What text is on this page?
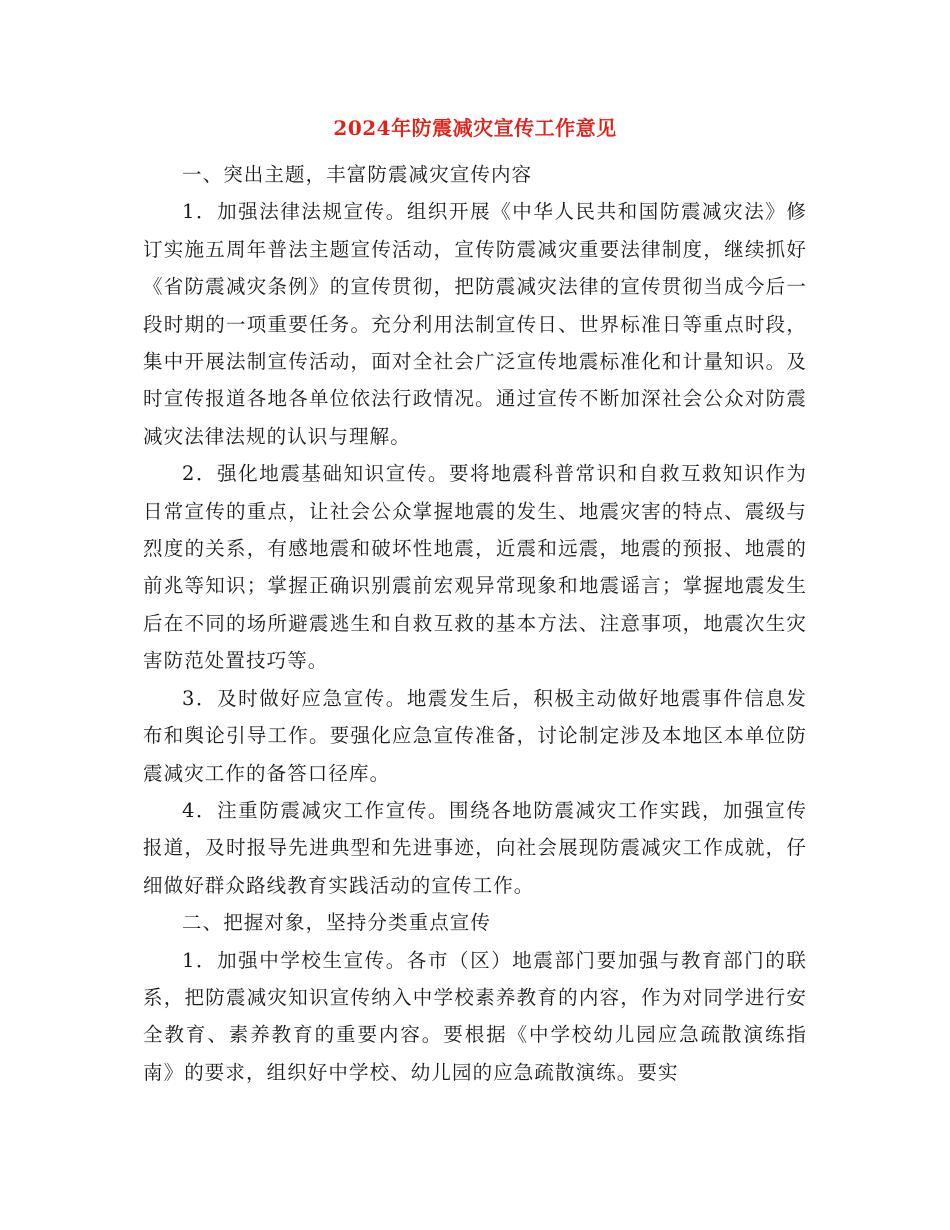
2024年防震减灾宣传工作意见

一、突出主题，丰富防震减灾宣传内容

1．加强法律法规宣传。组织开展《中华人民共和国防震减灾法》修订实施五周年普法主题宣传活动，宣传防震减灾重要法律制度，继续抓好《省防震减灾条例》的宣传贯彻，把防震减灾法律的宣传贯彻当成今后一段时期的一项重要任务。充分利用法制宣传日、世界标准日等重点时段，集中开展法制宣传活动，面对全社会广泛宣传地震标准化和计量知识。及时宣传报道各地各单位依法行政情况。通过宣传不断加深社会公众对防震减灾法律法规的认识与理解。

2．强化地震基础知识宣传。要将地震科普常识和自救互救知识作为日常宣传的重点，让社会公众掌握地震的发生、地震灾害的特点、震级与烈度的关系，有感地震和破坏性地震，近震和远震，地震的预报、地震的前兆等知识；掌握正确识别震前宏观异常现象和地震谣言；掌握地震发生后在不同的场所避震逃生和自救互救的基本方法、注意事项，地震次生灾害防范处置技巧等。

3．及时做好应急宣传。地震发生后，积极主动做好地震事件信息发布和舆论引导工作。要强化应急宣传准备，讨论制定涉及本地区本单位防震减灾工作的备答口径库。

4．注重防震减灾工作宣传。围绕各地防震减灾工作实践，加强宣传报道，及时报导先进典型和先进事迹，向社会展现防震减灾工作成就，仔细做好群众路线教育实践活动的宣传工作。

二、把握对象，坚持分类重点宣传

1．加强中学校生宣传。各市（区）地震部门要加强与教育部门的联系，把防震减灾知识宣传纳入中学校素养教育的内容，作为对同学进行安全教育、素养教育的重要内容。要根据《中学校幼儿园应急疏散演练指南》的要求，组织好中学校、幼儿园的应急疏散演练。要实
